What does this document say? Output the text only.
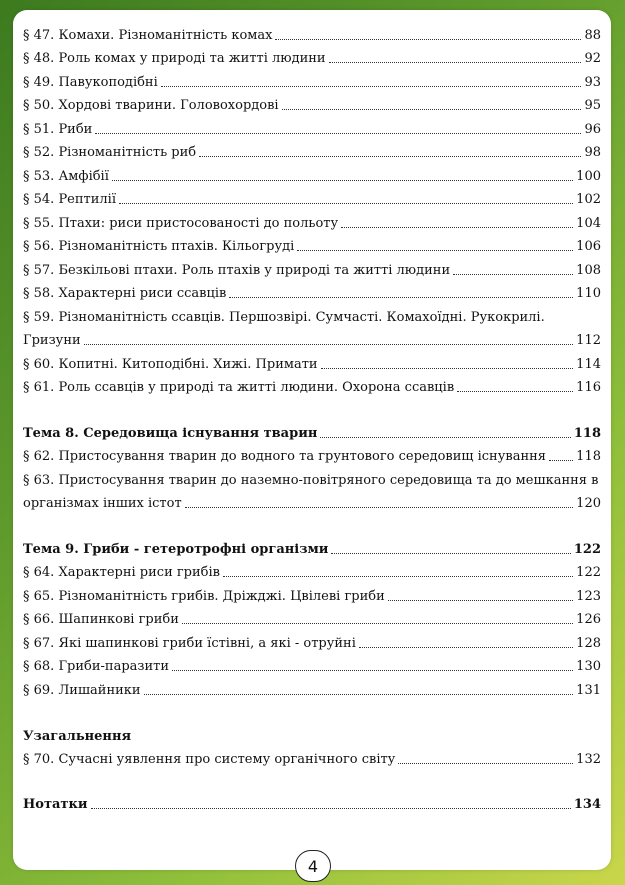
§ 47. Комахи. Різноманітність комах	88
§ 48. Роль комах у природі та житті людини	92
§ 49. Павукоподібні	93
§ 50. Хордові тварини. Головохордові	95
§ 51. Риби	96
§ 52. Різноманітність риб	98
§ 53. Амфібії	100
§ 54. Рептилії	102
§ 55. Птахи: риси пристосованості до польоту	104
§ 56. Різноманітність птахів. Кільогруді	106
§ 57. Безкільові птахи. Роль птахів у природі та житті людини	108
§ 58. Характерні риси ссавців	110
§ 59. Різноманітність ссавців. Першозвірі. Сумчасті. Комахоїдні. Рукокрилі.
Гризуни	112
§ 60. Копитні. Китоподібні. Хижі. Примати	114
§ 61. Роль ссавців у природі та житті людини. Охорона ссавців	116
Тема 8. Середовища існування тварин	118
§ 62. Пристосування тварин до водного та грунтового середовищ існування 118
§ 63. Пристосування тварин до наземно-повітряного середовища та до мешкання в
організмах інших істот	120
Тема 9. Гриби - гетеротрофні організми	122
§ 64. Характерні риси грибів	122
§ 65. Різноманітність грибів. Дріжджі. Цвілеві гриби	123
§ 66. Шапинкові гриби	126
§ 67. Які шапинкові гриби їстівні, а які - отруйні	128
§ 68. Гриби-паразити	130
§ 69. Лишайники	131
Узагальнення
§ 70. Сучасні уявлення про систему органічного світу	132
Нотатки	134
4
